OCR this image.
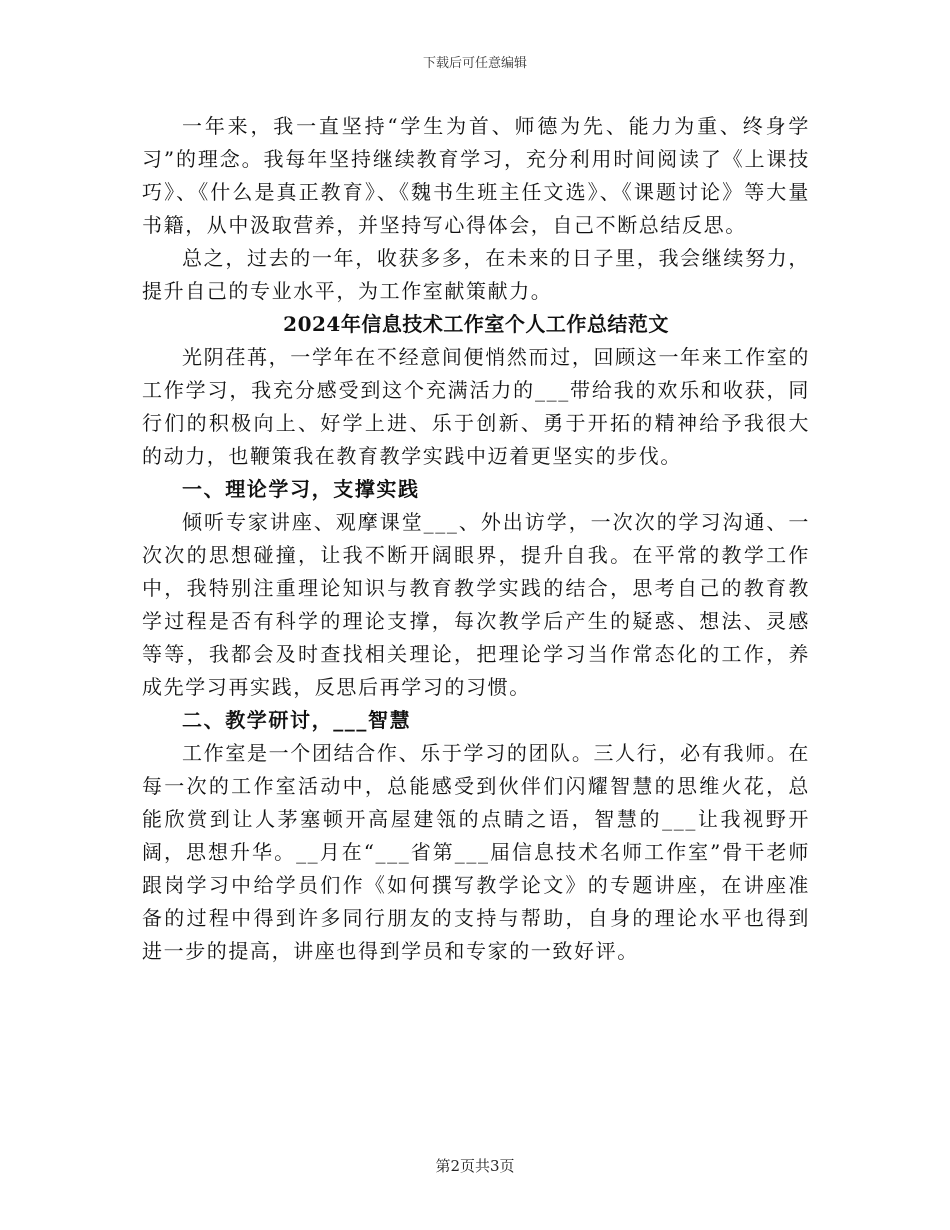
下载后可任意编辑

一年来，我一直坚持“学生为首、师德为先、能力为重、终身学习”的理念。我每年坚持继续教育学习，充分利用时间阅读了《上课技巧》、《什么是真正教育》、《魏书生班主任文选》、《课题讨论》等大量书籍，从中汲取营养，并坚持写心得体会，自己不断总结反思。

总之，过去的一年，收获多多，在未来的日子里，我会继续努力，提升自己的专业水平，为工作室献策献力。

2024年信息技术工作室个人工作总结范文

光阴荏苒，一学年在不经意间便悄然而过，回顾这一年来工作室的工作学习，我充分感受到这个充满活力的___带给我的欢乐和收获，同行们的积极向上、好学上进、乐于创新、勇于开拓的精神给予我很大的动力，也鞭策我在教育教学实践中迈着更坚实的步伐。

一、理论学习，支撑实践

倾听专家讲座、观摩课堂___、外出访学，一次次的学习沟通、一次次的思想碰撞，让我不断开阔眼界，提升自我。在平常的教学工作中，我特别注重理论知识与教育教学实践的结合，思考自己的教育教学过程是否有科学的理论支撑，每次教学后产生的疑惑、想法、灵感等等，我都会及时查找相关理论，把理论学习当作常态化的工作，养成先学习再实践，反思后再学习的习惯。

二、教学研讨，___智慧

工作室是一个团结合作、乐于学习的团队。三人行，必有我师。在每一次的工作室活动中，总能感受到伙伴们闪耀智慧的思维火花，总能欣赏到让人茅塞顿开高屋建瓴的点睛之语，智慧的___让我视野开阔，思想升华。__月在“___省第___届信息技术名师工作室”骨干老师跟岗学习中给学员们作《如何撰写教学论文》的专题讲座，在讲座准备的过程中得到许多同行朋友的支持与帮助，自身的理论水平也得到进一步的提高，讲座也得到学员和专家的一致好评。

第2页共3页
